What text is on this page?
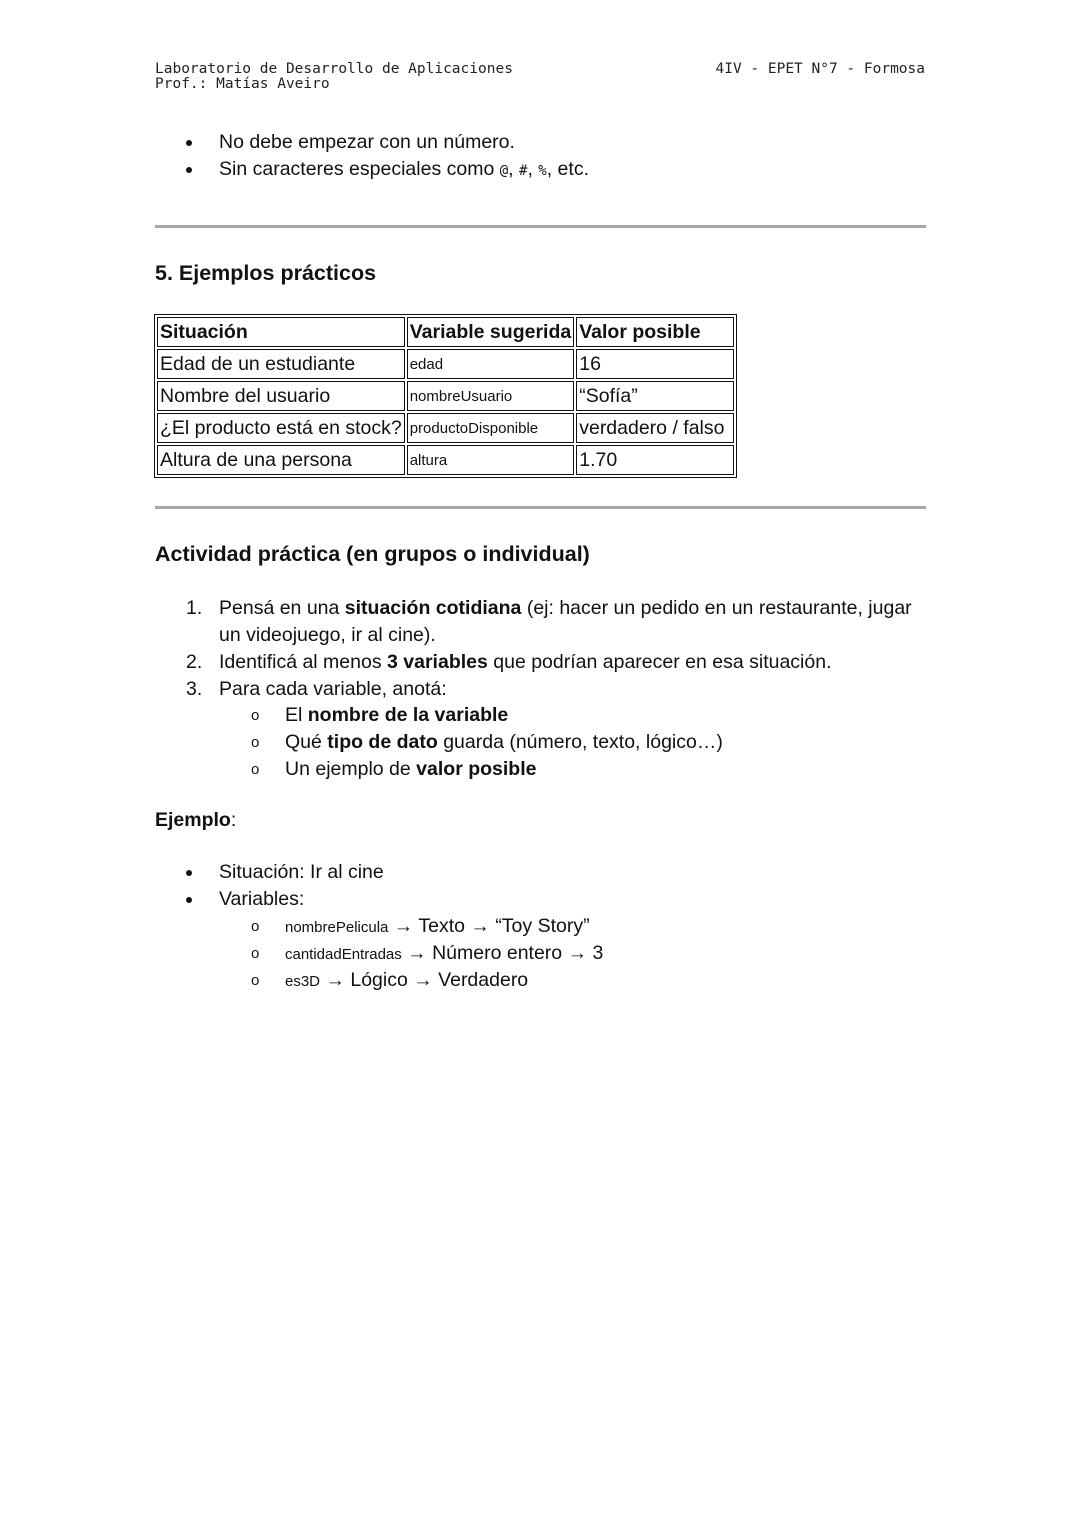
Laboratorio de Desarrollo de Aplicaciones
Prof.: Matías Aveiro
4IV - EPET N°7 - Formosa
No debe empezar con un número.
Sin caracteres especiales como @, #, %, etc.
5. Ejemplos prácticos
Situación	Variable sugerida	Valor posible
Edad de un estudiante	edad	16
Nombre del usuario	nombreUsuario	“Sofía”
¿El producto está en stock?	productoDisponible	verdadero / falso
Altura de una persona	altura	1.70
Actividad práctica (en grupos o individual)
1. Pensá en una situación cotidiana (ej: hacer un pedido en un restaurante, jugar
un videojuego, ir al cine).
2. Identificá al menos 3 variables que podrían aparecer en esa situación.
3. Para cada variable, anotá:
o El nombre de la variable
o Qué tipo de dato guarda (número, texto, lógico…)
o Un ejemplo de valor posible
Ejemplo:
Situación: Ir al cine
Variables:
o nombrePelicula → Texto → “Toy Story”
o cantidadEntradas → Número entero → 3
o es3D → Lógico → Verdadero
